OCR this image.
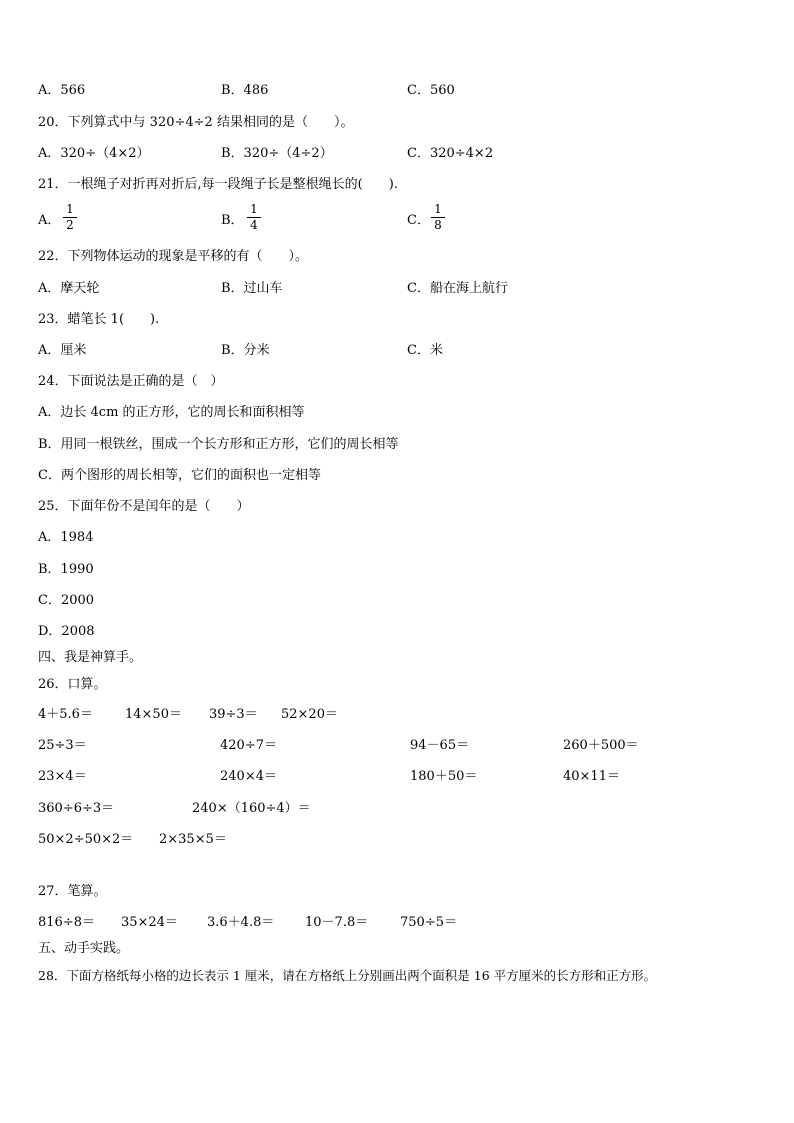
A．566	B．486	C．560
20．下列算式中与 320÷4÷2 结果相同的是（　　）。
A．320÷（4×2）	B．320÷（4÷2）	C．320÷4×2
21．一根绳子对折再对折后,每一段绳子长是整根绳长的(　　).
A． $\frac{1}{2}$	B． $\frac{1}{4}$	C． $\frac{1}{8}$
22．下列物体运动的现象是平移的有（　　）。
A．摩天轮	B．过山车	C．船在海上航行
23．蜡笔长 1(　　).
A．厘米	B．分米	C．米
24．下面说法是正确的是（　）
A．边长 4cm 的正方形，它的周长和面积相等
B．用同一根铁丝，围成一个长方形和正方形，它们的周长相等
C．两个图形的周长相等，它们的面积也一定相等
25．下面年份不是闰年的是（　　）
A．1984
B．1990
C．2000
D．2008
四、我是神算手。
26．口算。
4＋5.6＝ 14×50＝ 39÷3＝ 52×20＝
25÷3＝	420÷7＝	94－65＝	260＋500＝
23×4＝	240×4＝	180＋50＝	40×11＝
360÷6÷3＝	240×（160÷4）＝
50×2÷50×2＝ 2×35×5＝
27．笔算。
816÷8＝ 35×24＝ 3.6＋4.8＝ 10－7.8＝ 750÷5＝
五、动手实践。
28．下面方格纸每小格的边长表示 1 厘米，请在方格纸上分别画出两个面积是 16 平方厘米的长方形和正方形。
